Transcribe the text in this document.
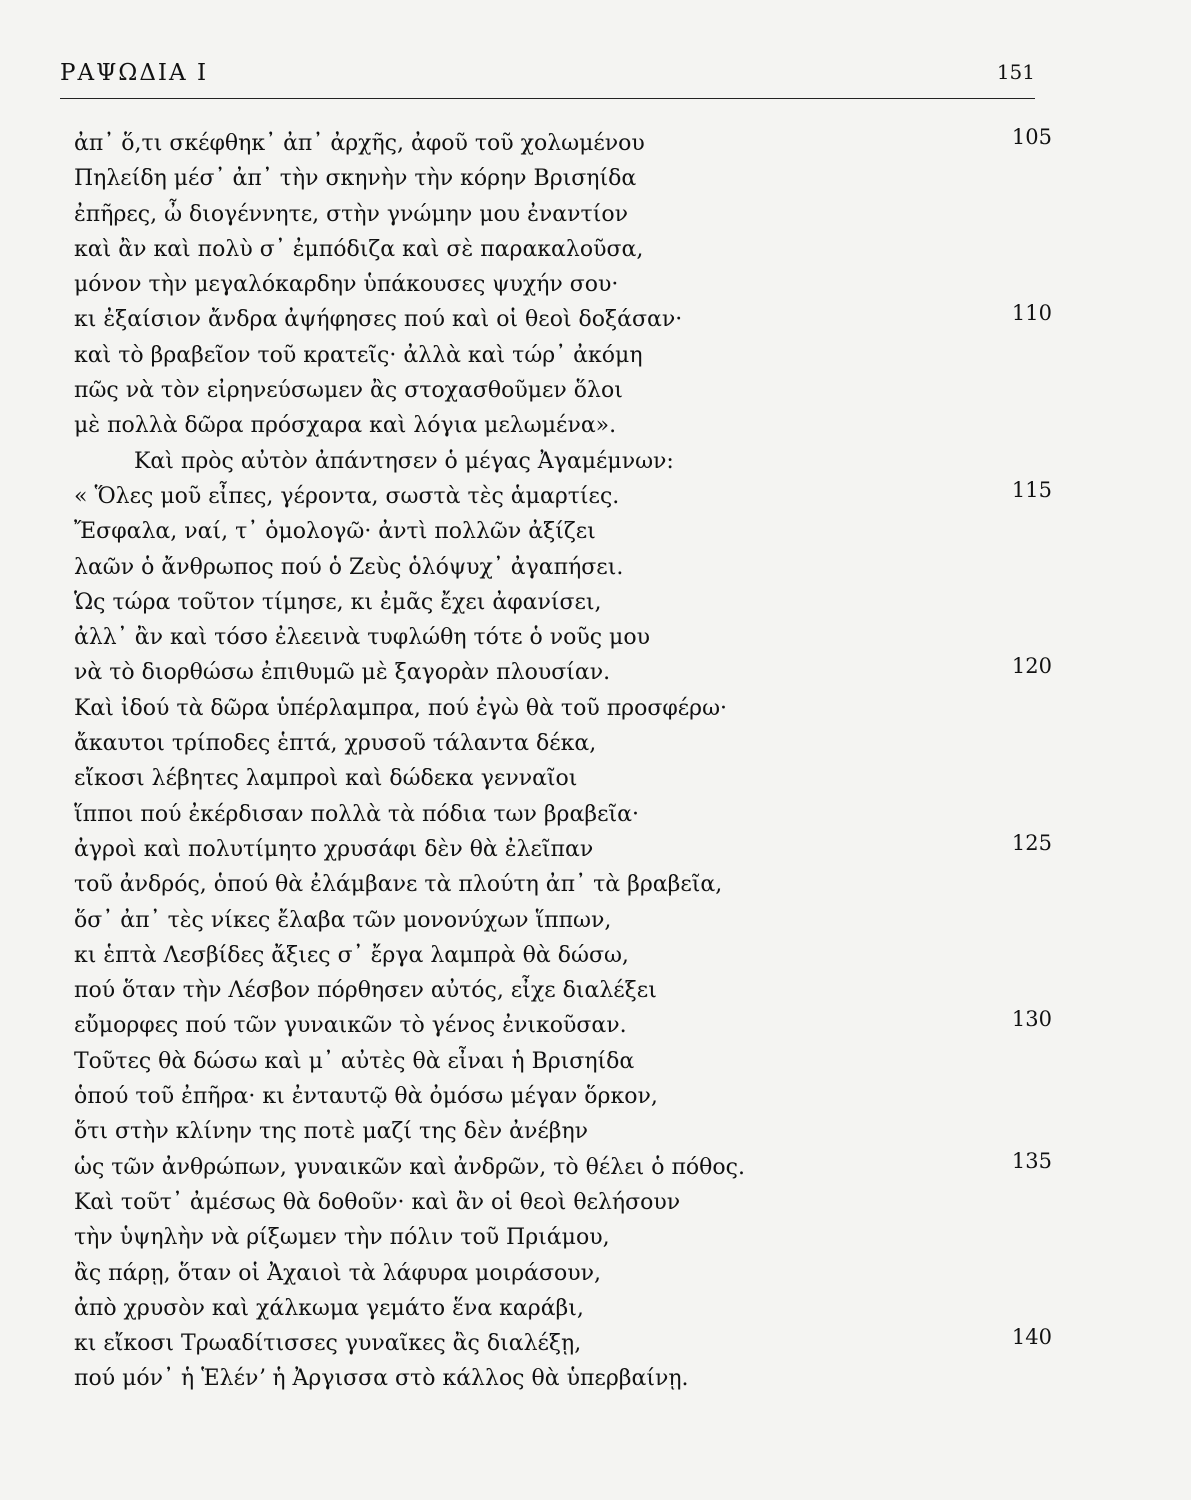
ΡΑΨΩΔΙΑ Ι	151
ἀπ᾽ ὅ,τι σκέφθηκ᾽ ἀπ᾽ ἀρχῆς, ἀφοῦ τοῦ χολωμένου	105
Πηλείδη μέσ᾽ ἀπ᾽ τὴν σκηνὴν τὴν κόρην Βρισηίδα
ἐπῆρες, ὦ διογέννητε, στὴν γνώμην μου ἐναντίον
καὶ ἂν καὶ πολὺ σ᾽ ἐμπόδιζα καὶ σὲ παρακαλοῦσα,
μόνον τὴν μεγαλόκαρδην ὑπάκουσες ψυχήν σου·
κι ἐξαίσιον ἄνδρα ἀψήφησες πού καὶ οἱ θεοὶ δοξάσαν·	110
καὶ τὸ βραβεῖον τοῦ κρατεῖς· ἀλλὰ καὶ τώρ᾽ ἀκόμη
πῶς νὰ τὸν εἰρηνεύσωμεν ἂς στοχασθοῦμεν ὅλοι
μὲ πολλὰ δῶρα πρόσχαρα καὶ λόγια μελωμένα».
Καὶ πρὸς αὐτὸν ἀπάντησεν ὁ μέγας Ἀγαμέμνων:
« Ὅλες μοῦ εἶπες, γέροντα, σωστὰ τὲς ἁμαρτίες.	115
Ἔσφαλα, ναί, τ᾽ ὁμολογῶ· ἀντὶ πολλῶν ἀξίζει
λαῶν ὁ ἄνθρωπος πού ὁ Ζεὺς ὁλόψυχ᾽ ἀγαπήσει.
Ὡς τώρα τοῦτον τίμησε, κι ἐμᾶς ἔχει ἀφανίσει,
ἀλλ᾽ ἂν καὶ τόσο ἐλεεινὰ τυφλώθη τότε ὁ νοῦς μου
νὰ τὸ διορθώσω ἐπιθυμῶ μὲ ξαγορὰν πλουσίαν.	120
Καὶ ἰδού τὰ δῶρα ὑπέρλαμπρα, πού ἐγὼ θὰ τοῦ προσφέρω·
ἄκαυτοι τρίποδες ἑπτά, χρυσοῦ τάλαντα δέκα,
εἴκοσι λέβητες λαμπροὶ καὶ δώδεκα γενναῖοι
ἵπποι πού ἐκέρδισαν πολλὰ τὰ πόδια των βραβεῖα·
ἀγροὶ καὶ πολυτίμητο χρυσάφι δὲν θὰ ἐλεῖπαν	125
τοῦ ἀνδρός, ὁπού θὰ ἐλάμβανε τὰ πλούτη ἀπ᾽ τὰ βραβεῖα,
ὅσ᾽ ἀπ᾽ τὲς νίκες ἔλαβα τῶν μονονύχων ἵππων,
κι ἑπτὰ Λεσβίδες ἄξιες σ᾽ ἔργα λαμπρὰ θὰ δώσω,
πού ὅταν τὴν Λέσβον πόρθησεν αὐτός, εἶχε διαλέξει
εὔμορφες πού τῶν γυναικῶν τὸ γένος ἐνικοῦσαν.	130
Τοῦτες θὰ δώσω καὶ μ᾽ αὐτὲς θὰ εἶναι ἡ Βρισηίδα
ὁπού τοῦ ἐπῆρα· κι ἐνταυτῷ θὰ ὀμόσω μέγαν ὅρκον,
ὅτι στὴν κλίνην της ποτὲ μαζί της δὲν ἀνέβην
ὡς τῶν ἀνθρώπων, γυναικῶν καὶ ἀνδρῶν, τὸ θέλει ὁ πόθος.	135
Καὶ τοῦτ᾽ ἀμέσως θὰ δοθοῦν· καὶ ἂν οἱ θεοὶ θελήσουν
τὴν ὑψηλὴν νὰ ρίξωμεν τὴν πόλιν τοῦ Πριάμου,
ἂς πάρῃ, ὅταν οἱ Ἀχαιοὶ τὰ λάφυρα μοιράσουν,
ἀπὸ χρυσὸν καὶ χάλκωμα γεμάτο ἕνα καράβι,
κι εἴκοσι Τρωαδίτισσες γυναῖκες ἂς διαλέξῃ,	140
πού μόν᾽ ἡ Ἑλένʼ ἡ Ἀργισσα στὸ κάλλος θὰ ὑπερβαίνῃ.
